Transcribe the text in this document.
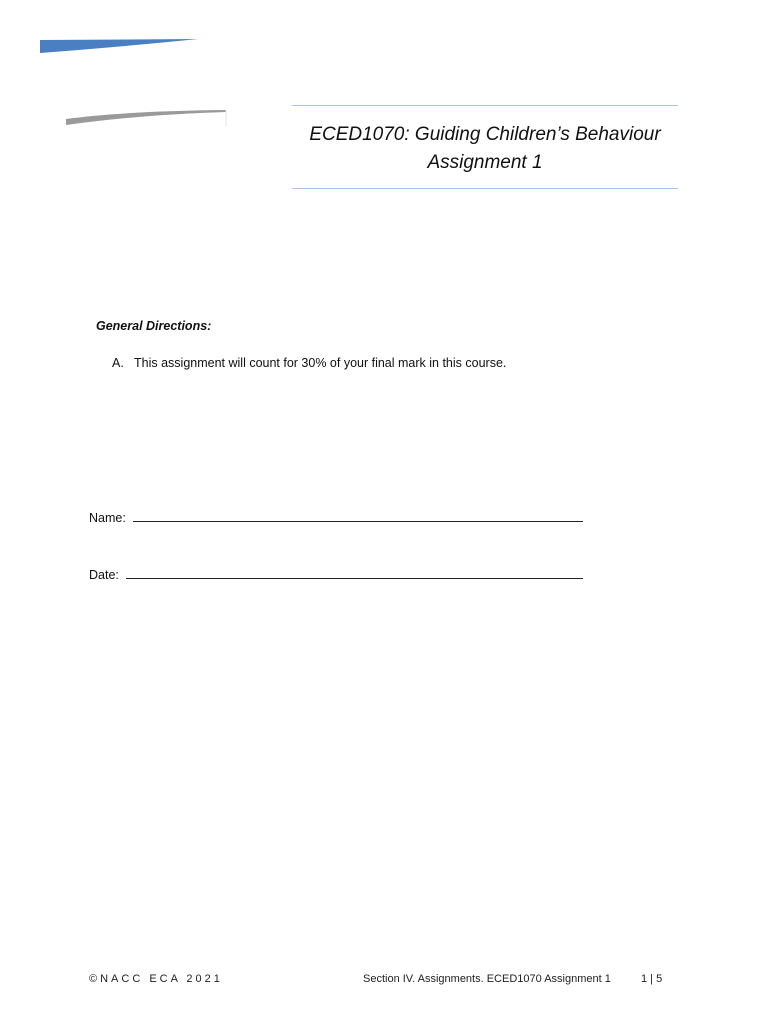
ECED1070: Guiding Children’s Behaviour
Assignment 1
General Directions:
A. This assignment will count for 30% of your final mark in this course.
Name:
Date:
©NACC ECA 2021	Section IV. Assignments. ECED1070 Assignment 1	1 | 5
